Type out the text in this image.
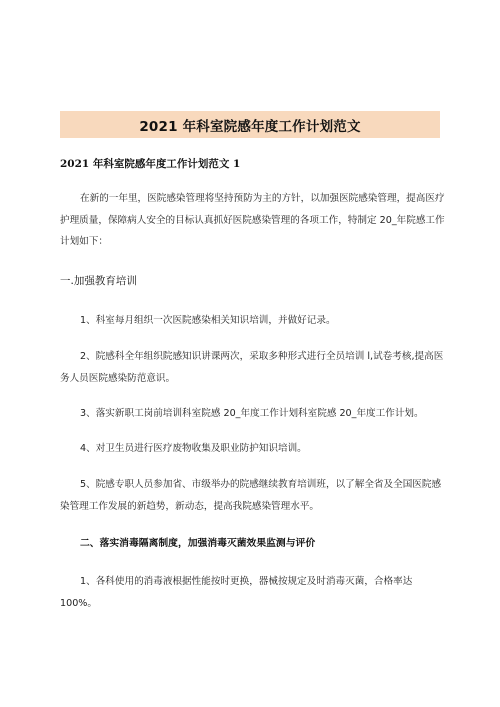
2021 年科室院感年度工作计划范文
2021 年科室院感年度工作计划范文 1
在新的一年里，医院感染管理将坚持预防为主的方针，以加强医院感染管理，提高医疗护理质量，保障病人安全的目标认真抓好医院感染管理的各项工作，特制定 20_年院感工作计划如下：
一.加强教育培训
1、科室每月组织一次医院感染相关知识培训，并做好记录。
2、院感科全年组织院感知识讲课两次，采取多种形式进行全员培训 l,试卷考核,提高医务人员医院感染防范意识。
3、落实新职工岗前培训科室院感 20_年度工作计划科室院感 20_年度工作计划。
4、对卫生员进行医疗废物收集及职业防护知识培训。
5、院感专职人员参加省、市级举办的院感继续教育培训班，以了解全省及全国医院感染管理工作发展的新趋势，新动态，提高我院感染管理水平。
二、落实消毒隔离制度，加强消毒灭菌效果监测与评价
1、各科使用的消毒液根据性能按时更换，器械按规定及时消毒灭菌，合格率达 100%。
